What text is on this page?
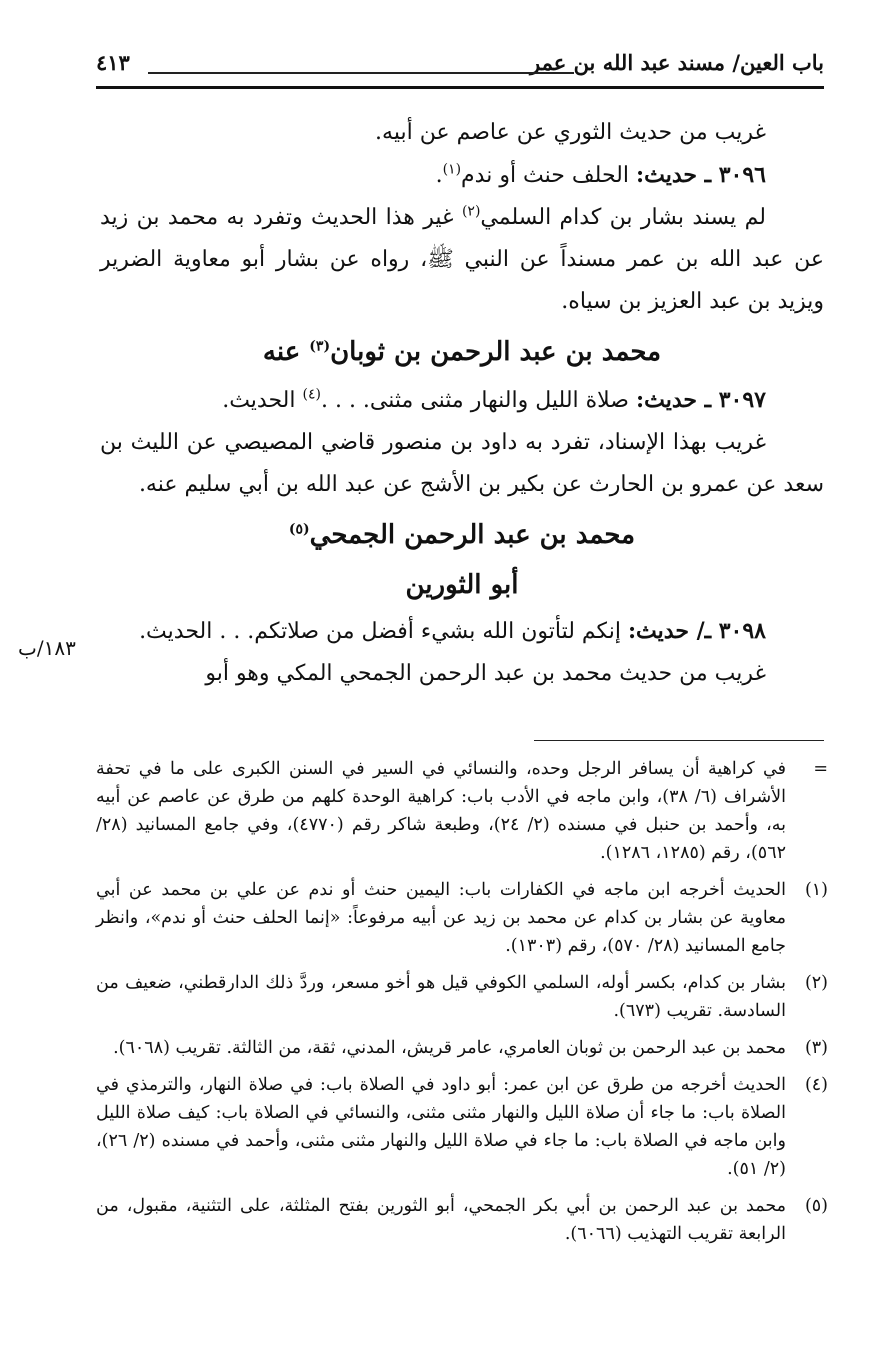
باب العين/ مسند عبد الله بن عمر
٤١٣

غريب من حديث الثوري عن عاصم عن أبيه.

٣٠٩٦ ـ حديث: الحلف حنث أو ندم$^{(١)}$.

لم يسند بشار بن كدام السلمي$^{(٢)}$ غير هذا الحديث وتفرد به محمد بن زيد عن عبد الله بن عمر مسنداً عن النبي ﷺ، رواه عن بشار أبو معاوية الضرير ويزيد بن عبد العزيز بن سياه.

محمد بن عبد الرحمن بن ثوبان$^{(٣)}$ عنه

٣٠٩٧ ـ حديث: صلاة الليل والنهار مثنى مثنى. . . .$^{(٤)}$ الحديث.

غريب بهذا الإسناد، تفرد به داود بن منصور قاضي المصيصي عن الليث بن سعد عن عمرو بن الحارث عن بكير بن الأشج عن عبد الله بن أبي سليم عنه.

محمد بن عبد الرحمن الجمحي$^{(٥)}$
أبو الثورين

٣٠٩٨ ـ/ حديث: إنكم لتأتون الله بشيء أفضل من صلاتكم. . . الحديث.

غريب من حديث محمد بن عبد الرحمن الجمحي المكي وهو أبو

١٨٣/ب
=
في كراهية أن يسافر الرجل وحده، والنسائي في السير في السنن الكبرى على ما في تحفة الأشراف (٦/ ٣٨)، وابن ماجه في الأدب باب: كراهية الوحدة كلهم من طرق عن عاصم عن أبيه به، وأحمد بن حنبل في مسنده (٢/ ٢٤)، وطبعة شاكر رقم (٤٧٧٠)، وفي جامع المسانيد (٢٨/ ٥٦٢)، رقم (١٢٨٥، ١٢٨٦).
(١)
الحديث أخرجه ابن ماجه في الكفارات باب: اليمين حنث أو ندم عن علي بن محمد عن أبي معاوية عن بشار بن كدام عن محمد بن زيد عن أبيه مرفوعاً: «إنما الحلف حنث أو ندم»، وانظر جامع المسانيد (٢٨/ ٥٧٠)، رقم (١٣٠٣).
(٢)
بشار بن كدام، بكسر أوله، السلمي الكوفي قيل هو أخو مسعر، وردَّ ذلك الدارقطني، ضعيف من السادسة. تقريب (٦٧٣).
(٣)
محمد بن عبد الرحمن بن ثوبان العامري، عامر قريش، المدني، ثقة، من الثالثة. تقريب (٦٠٦٨).
(٤)
الحديث أخرجه من طرق عن ابن عمر: أبو داود في الصلاة باب: في صلاة النهار، والترمذي في الصلاة باب: ما جاء أن صلاة الليل والنهار مثنى مثنى، والنسائي في الصلاة باب: كيف صلاة الليل وابن ماجه في الصلاة باب: ما جاء في صلاة الليل والنهار مثنى مثنى، وأحمد في مسنده (٢/ ٢٦)، (٢/ ٥١).
(٥)
محمد بن عبد الرحمن بن أبي بكر الجمحي، أبو الثورين بفتح المثلثة، على التثنية، مقبول، من الرابعة تقريب التهذيب (٦٠٦٦).
